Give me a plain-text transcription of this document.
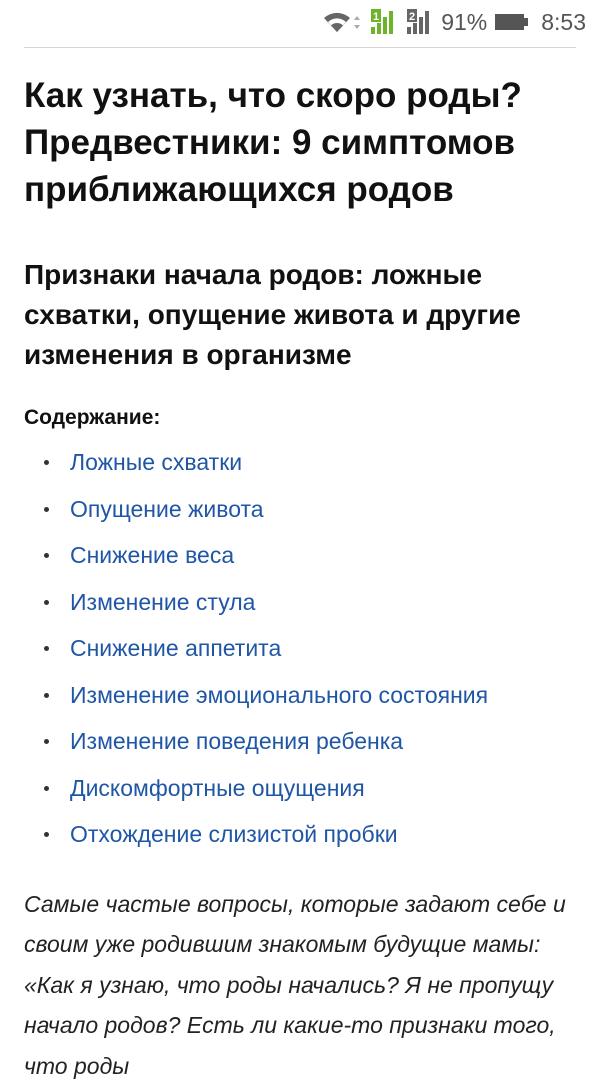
1	2 91% 8:53
Как узнать, что скоро роды? Предвестники: 9 симптомов приближающихся родов
Признаки начала родов: ложные схватки, опущение живота и другие изменения в организме
Содержание:
Ложные схватки
Опущение живота
Снижение веса
Изменение стула
Снижение аппетита
Изменение эмоционального состояния
Изменение поведения ребенка
Дискомфортные ощущения
Отхождение слизистой пробки

Самые частые вопросы, которые задают себе и своим уже родившим знакомым будущие мамы: «Как я узнаю, что роды начались? Я не пропущу начало родов? Есть ли какие-то признаки того, что роды
